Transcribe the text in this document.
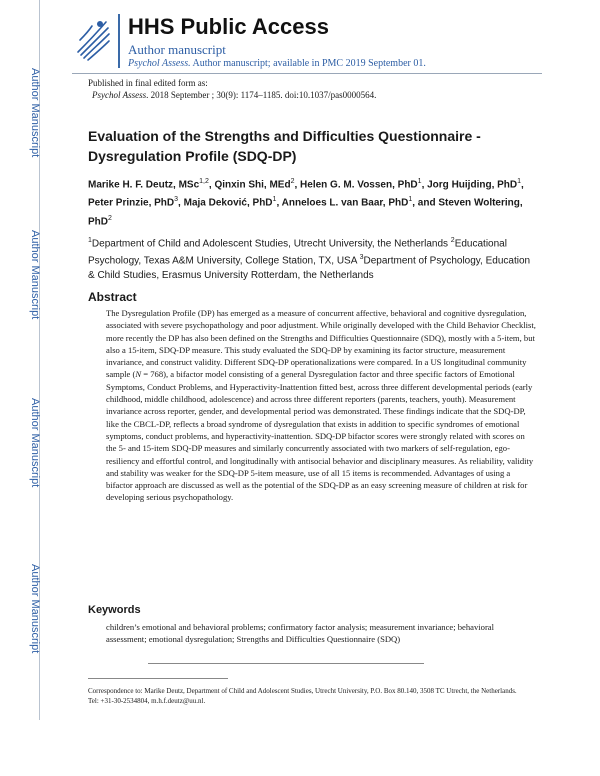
HHS Public Access
Author manuscript
Psychol Assess. Author manuscript; available in PMC 2019 September 01.
Author Manuscript
Author Manuscript
Author Manuscript
Author Manuscript
Published in final edited form as:
Psychol Assess. 2018 September ; 30(9): 1174–1185. doi:10.1037/pas0000564.
Evaluation of the Strengths and Difficulties Questionnaire - Dysregulation Profile (SDQ-DP)
Marike H. F. Deutz, MSc$^{1,2}$, Qinxin Shi, MEd$^2$, Helen G. M. Vossen, PhD$^1$, Jorg Huijding, PhD$^1$, Peter Prinzie, PhD$^3$, Maja Deković, PhD$^1$, Anneloes L. van Baar, PhD$^1$, and Steven Woltering, PhD$^2$
$^1$Department of Child and Adolescent Studies, Utrecht University, the Netherlands $^2$Educational Psychology, Texas A&M University, College Station, TX, USA $^3$Department of Psychology, Education & Child Studies, Erasmus University Rotterdam, the Netherlands
Abstract

The Dysregulation Profile (DP) has emerged as a measure of concurrent affective, behavioral and cognitive dysregulation, associated with severe psychopathology and poor adjustment. While originally developed with the Child Behavior Checklist, more recently the DP has also been defined on the Strengths and Difficulties Questionnaire (SDQ), mostly with a 5-item, but also a 15-item, SDQ-DP measure. This study evaluated the SDQ-DP by examining its factor structure, measurement invariance, and construct validity. Different SDQ-DP operationalizations were compared. In a US longitudinal community sample (N = 768), a bifactor model consisting of a general Dysregulation factor and three specific factors of Emotional Symptoms, Conduct Problems, and Hyperactivity-Inattention fitted best, across three different developmental periods (early childhood, middle childhood, adolescence) and across three different reporters (parents, teachers, youth). Measurement invariance across reporter, gender, and developmental period was demonstrated. These findings indicate that the SDQ-DP, like the CBCL-DP, reflects a broad syndrome of dysregulation that exists in addition to specific syndromes of emotional symptoms, conduct problems, and hyperactivity-inattention. SDQ-DP bifactor scores were strongly related with scores on the 5- and 15-item SDQ-DP measures and similarly concurrently associated with two markers of self-regulation, ego-resiliency and effortful control, and longitudinally with antisocial behavior and disciplinary measures. As reliability, validity and stability was weaker for the SDQ-DP 5-item measure, use of all 15 items is recommended. Advantages of using a bifactor approach are discussed as well as the potential of the SDQ-DP as an easy screening measure of children at risk for developing serious psychopathology.

Keywords
children’s emotional and behavioral problems; confirmatory factor analysis; measurement invariance; behavioral assessment; emotional dysregulation; Strengths and Difficulties Questionnaire (SDQ)
Correspondence to: Marike Deutz, Department of Child and Adolescent Studies, Utrecht University, P.O. Box 80.140, 3508 TC Utrecht, the Netherlands. Tel: +31-30-2534804, m.h.f.deutz@uu.nl.
